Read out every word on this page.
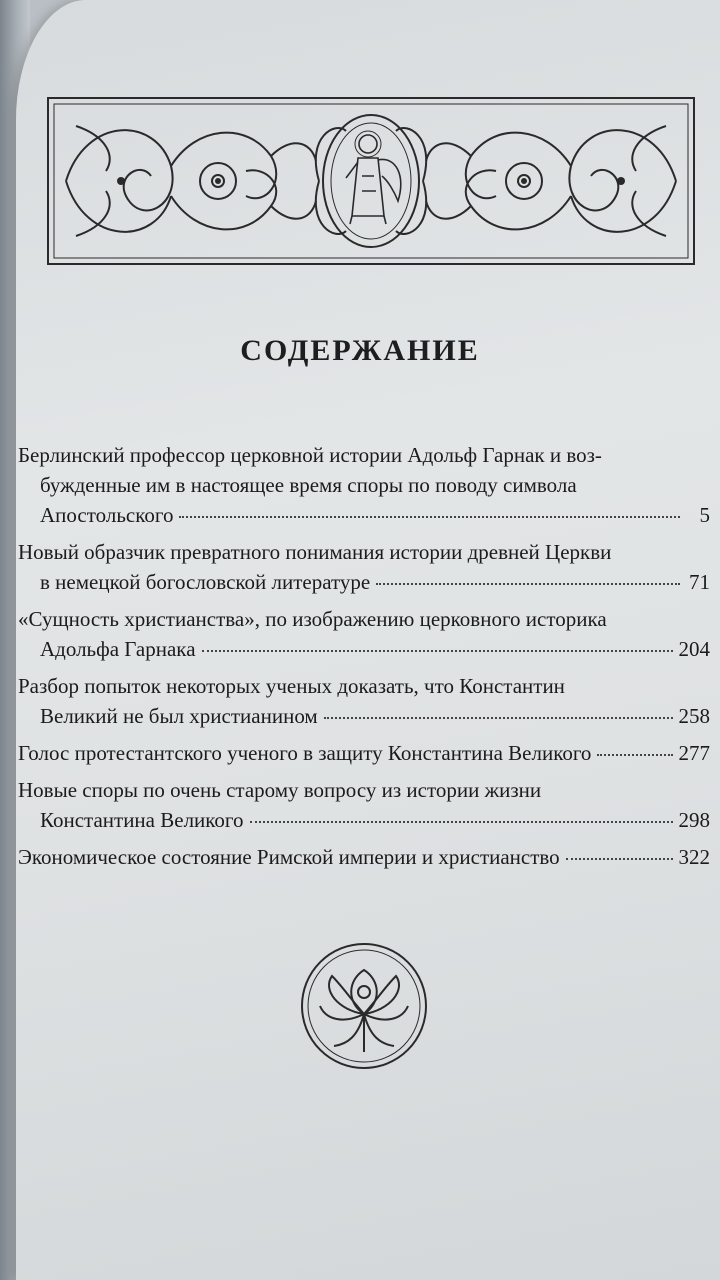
СОДЕРЖАНИЕ
Берлинский профессор церковной истории Адольф Гарнак и воз-
бужденные им в настоящее время споры по поводу символа
Апостольского	5
Новый образчик превратного понимания истории древней Церкви
в немецкой богословской литературе	71
«Сущность христианства», по изображению церковного историка
Адольфа Гарнака	204
Разбор попыток некоторых ученых доказать, что Константин
Великий не был христианином	258
Голос протестантского ученого в защиту Константина Великого	277
Новые споры по очень старому вопросу из истории жизни
Константина Великого	298
Экономическое состояние Римской империи и христианство	322
